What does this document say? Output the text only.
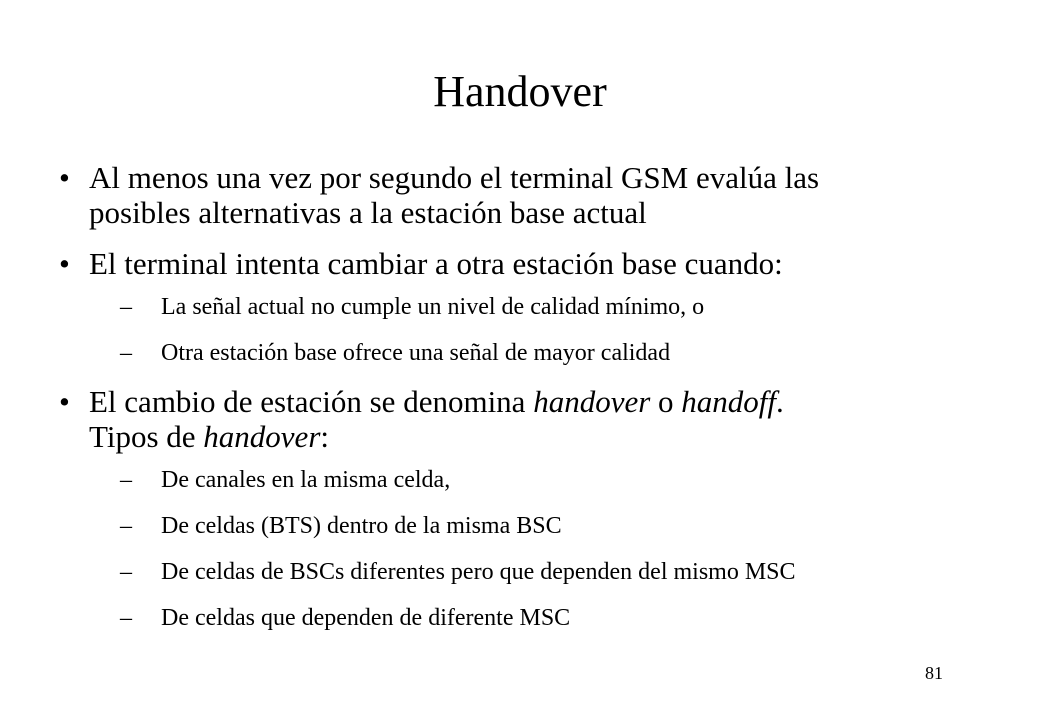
Handover
• Al menos una vez por segundo el terminal GSM evalúa las
posibles alternativas a la estación base actual
• El terminal intenta cambiar a otra estación base cuando:
– La señal actual no cumple un nivel de calidad mínimo, o
– Otra estación base ofrece una señal de mayor calidad
• El cambio de estación se denomina handover o handoff.
Tipos de handover:
– De canales en la misma celda,
– De celdas (BTS) dentro de la misma BSC
– De celdas de BSCs diferentes pero que dependen del mismo MSC
– De celdas que dependen de diferente MSC
81
